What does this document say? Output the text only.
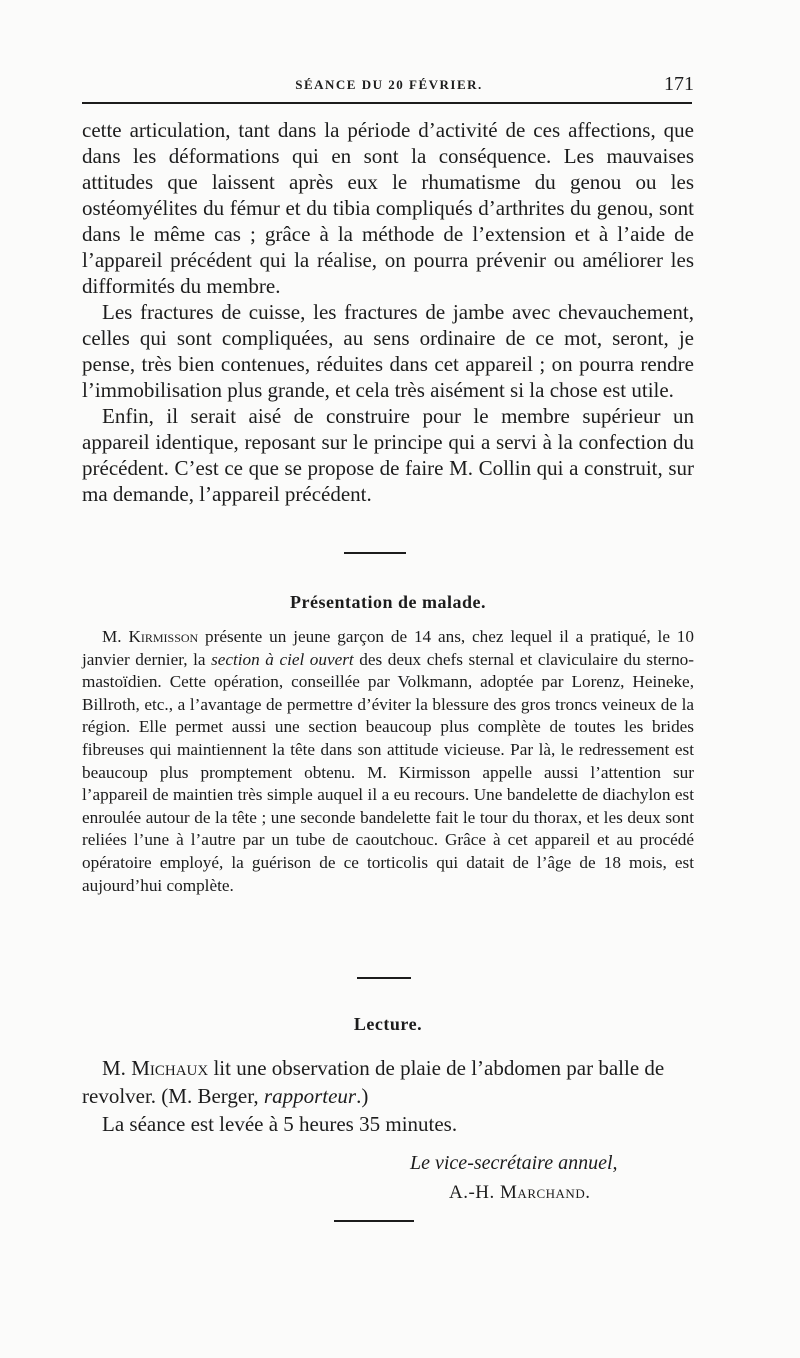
SÉANCE DU 20 FÉVRIER.	171

cette articulation, tant dans la période d’activité de ces affections, que dans les déformations qui en sont la conséquence. Les mauvaises attitudes que laissent après eux le rhumatisme du genou ou les ostéomyélites du fémur et du tibia compliqués d’arthrites du genou, sont dans le même cas ; grâce à la méthode de l’extension et à l’aide de l’appareil précédent qui la réalise, on pourra prévenir ou améliorer les difformités du membre.

Les fractures de cuisse, les fractures de jambe avec chevauchement, celles qui sont compliquées, au sens ordinaire de ce mot, seront, je pense, très bien contenues, réduites dans cet appareil ; on pourra rendre l’immobilisation plus grande, et cela très aisément si la chose est utile.

Enfin, il serait aisé de construire pour le membre supérieur un appareil identique, reposant sur le principe qui a servi à la confection du précédent. C’est ce que se propose de faire M. Collin qui a construit, sur ma demande, l’appareil précédent.

Présentation de malade.

M. Kirmisson présente un jeune garçon de 14 ans, chez lequel il a pratiqué, le 10 janvier dernier, la section à ciel ouvert des deux chefs sternal et claviculaire du sterno-mastoïdien. Cette opération, conseillée par Volkmann, adoptée par Lorenz, Heineke, Billroth, etc., a l’avantage de permettre d’éviter la blessure des gros troncs veineux de la région. Elle permet aussi une section beaucoup plus complète de toutes les brides fibreuses qui maintiennent la tête dans son attitude vicieuse. Par là, le redressement est beaucoup plus promptement obtenu. M. Kirmisson appelle aussi l’attention sur l’appareil de maintien très simple auquel il a eu recours. Une bandelette de diachylon est enroulée autour de la tête ; une seconde bandelette fait le tour du thorax, et les deux sont reliées l’une à l’autre par un tube de caoutchouc. Grâce à cet appareil et au procédé opératoire employé, la guérison de ce torticolis qui datait de l’âge de 18 mois, est aujourd’hui complète.

Lecture.

M. Michaux lit une observation de plaie de l’abdomen par balle de revolver. (M. Berger, rapporteur.)

La séance est levée à 5 heures 35 minutes.

Le vice-secrétaire annuel,
A.-H. Marchand.
